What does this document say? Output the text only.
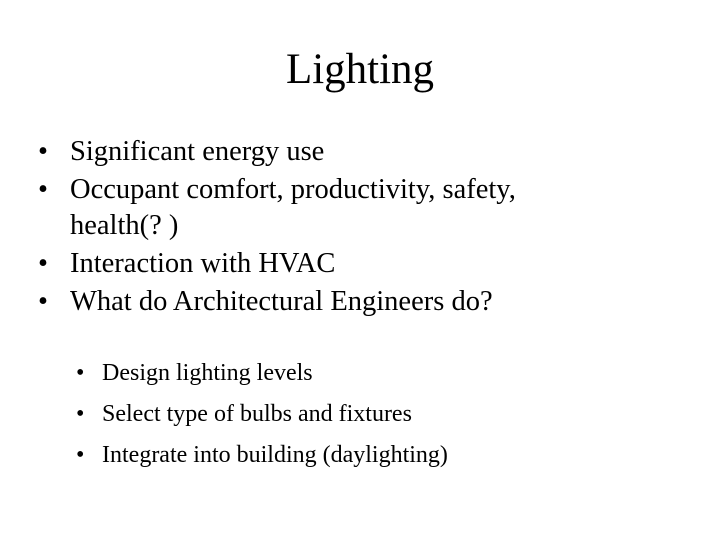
Lighting
• Significant energy use
• Occupant comfort, productivity, safety, health(? )
• Interaction with HVAC
• What do Architectural Engineers do?
• Design lighting levels
• Select type of bulbs and fixtures
• Integrate into building (daylighting)
